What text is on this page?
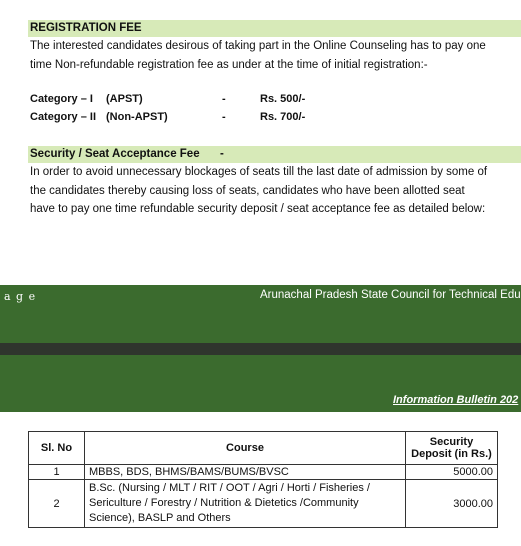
REGISTRATION FEE
The interested candidates desirous of taking part in the Online Counseling has to pay one time Non-refundable registration fee as under at the time of initial registration:-
Category – I (APST)	-	Rs. 500/-
Category – II (Non-APST)	-	Rs. 700/-
Security / Seat Acceptance Fee -
In order to avoid unnecessary blockages of seats till the last date of admission by some of the candidates thereby causing loss of seats, candidates who have been allotted seat have to pay one time refundable security deposit / seat acceptance fee as detailed below:
a g e	Arunachal Pradesh State Council for Technical Edu
Information Bulletin 202
Sl. No	Course	Security Deposit (in Rs.)
1	MBBS, BDS, BHMS/BAMS/BUMS/BVSC	5000.00
2	B.Sc. (Nursing / MLT / RIT / OOT / Agri / Horti / Fisheries / Sericulture / Forestry / Nutrition & Dietetics /Community Science), BASLP and Others	3000.00
